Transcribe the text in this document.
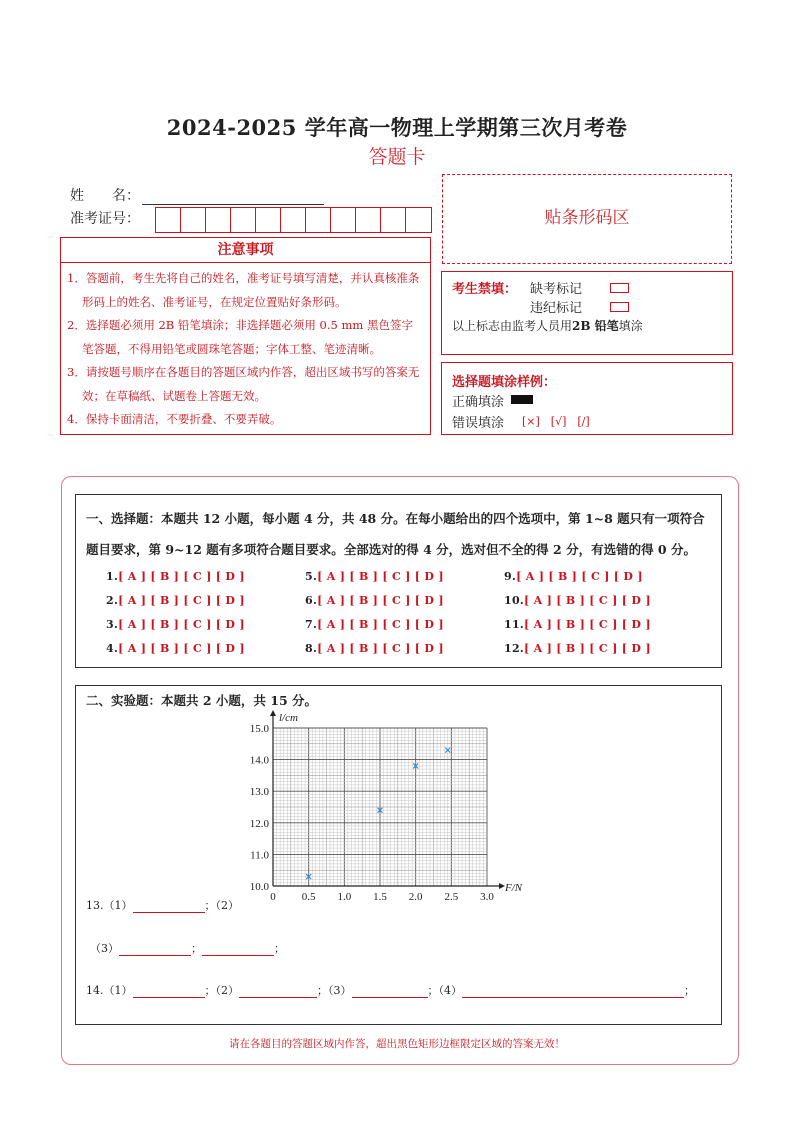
2024-2025 学年高一物理上学期第三次月考卷
答题卡
姓　　名：
准考证号：
注意事项

1．答题前，考生先将自己的姓名，准考证号填写清楚，并认真核准条形码上的姓名、准考证号，在规定位置贴好条形码。

2．选择题必须用 2B 铅笔填涂；非选择题必须用 0.5 mm 黑色签字笔答题，不得用铅笔或圆珠笔答题；字体工整、笔迹清晰。

3．请按题号顺序在各题目的答题区域内作答，超出区域书写的答案无效；在草稿纸、试题卷上答题无效。

4．保持卡面清洁，不要折叠、不要弄破。

贴条形码区
考生禁填： 缺考标记
违纪标记
以上标志由监考人员用2B 铅笔填涂
选择题填涂样例：
正确填涂
错误填涂 [×]　[√]　[/]
一、选择题：本题共 12 小题，每小题 4 分，共 48 分。在每小题给出的四个选项中，第 1~8 题只有一项符合
题目要求，第 9~12 题有多项符合题目要求。全部选对的得 4 分，选对但不全的得 2 分，有选错的得 0 分。
1.[ A ] [ B ] [ C ] [ D ]
2.[ A ] [ B ] [ C ] [ D ]
3.[ A ] [ B ] [ C ] [ D ]
4.[ A ] [ B ] [ C ] [ D ]
5.[ A ] [ B ] [ C ] [ D ]
6.[ A ] [ B ] [ C ] [ D ]
7.[ A ] [ B ] [ C ] [ D ]
8.[ A ] [ B ] [ C ] [ D ]
9.[ A ] [ B ] [ C ] [ D ]
10.[ A ] [ B ] [ C ] [ D ]
11.[ A ] [ B ] [ C ] [ D ]
12.[ A ] [ B ] [ C ] [ D ]
二、实验题：本题共 2 小题，共 15 分。
0 0.5 1.0 1.5 2.0 2.5 3.0
10.0
11.0
12.0
13.0
14.0
15.0
l/cm
F/N
13.（1）	；（2）
（3）	；	；
14.（1）	；（2）	；（3）	；（4）	；
请在各题目的答题区域内作答，超出黑色矩形边框限定区域的答案无效！
